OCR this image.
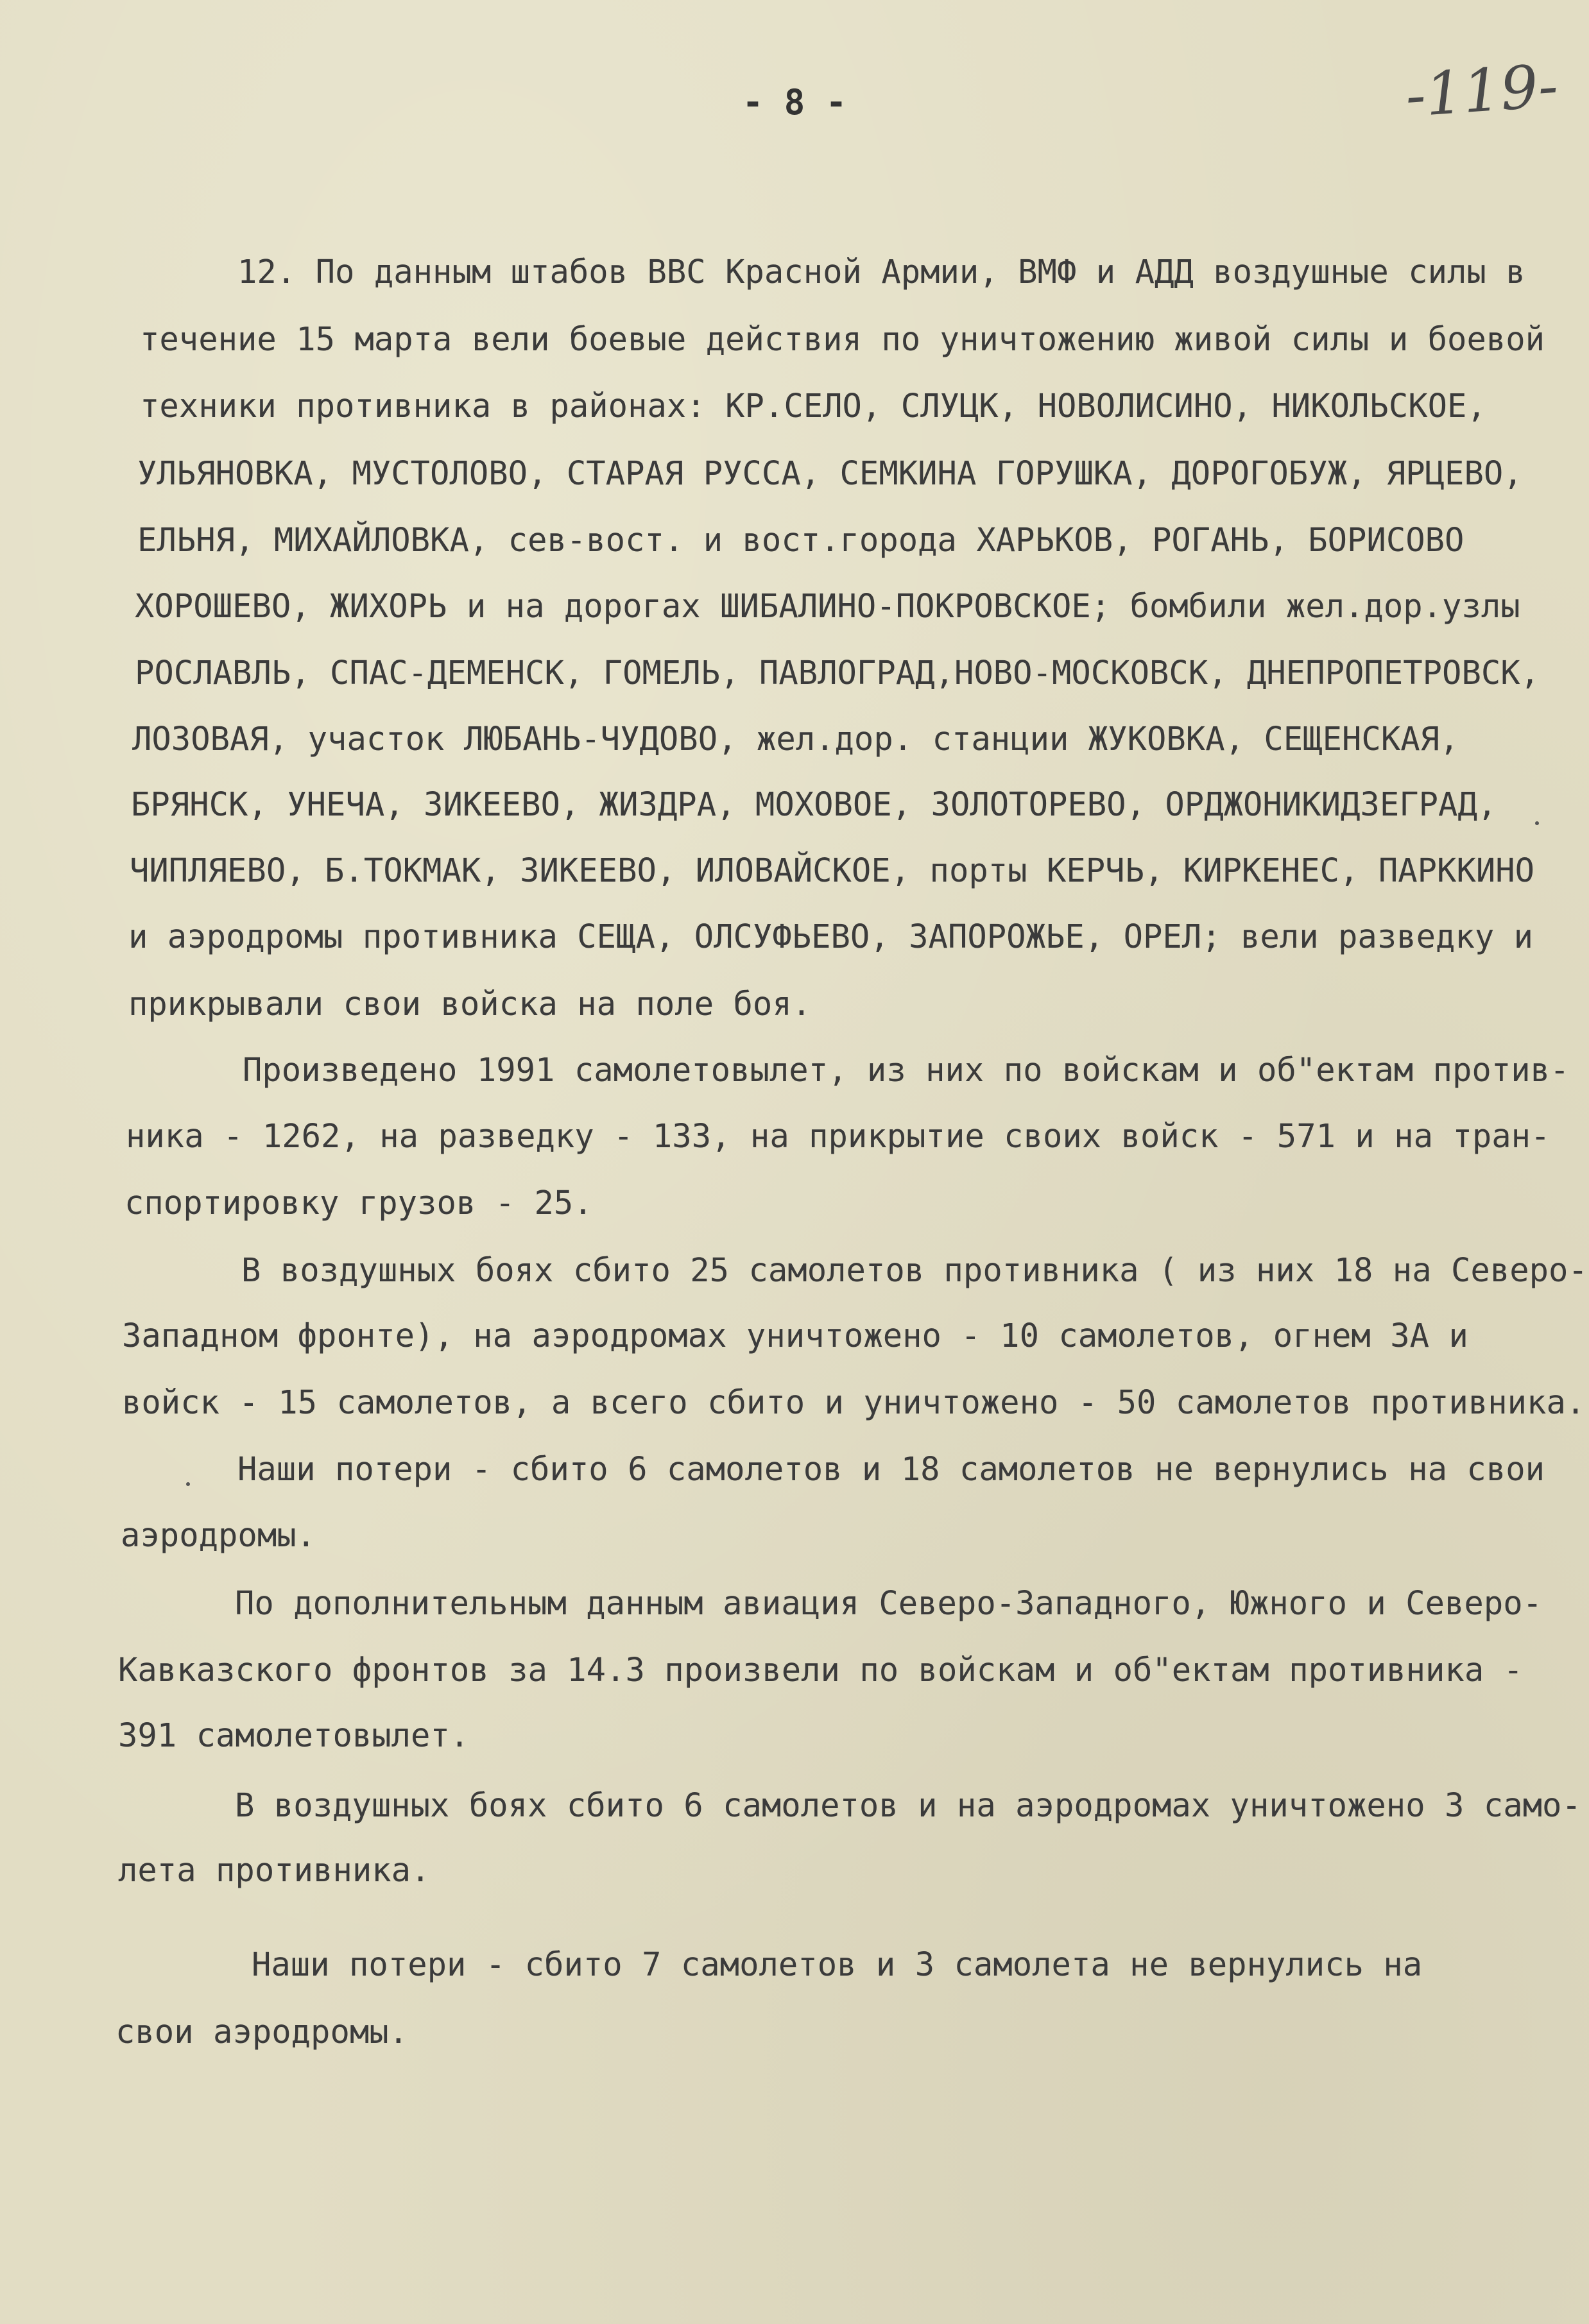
- 8 -	-119-
12. По данным штабов ВВС Красной Армии, ВМФ и АДД воздушные силы в
течение 15 марта вели боевые действия по уничтожению живой силы и боевой
техники противника в районах: КР.СЕЛО, СЛУЦК, НОВОЛИСИНО, НИКОЛЬСКОЕ,
УЛЬЯНОВКА, МУСТОЛОВО, СТАРАЯ РУССА, СЕМКИНА ГОРУШКА, ДОРОГОБУЖ, ЯРЦЕВО,
ЕЛЬНЯ, МИХАЙЛОВКА, сев-вост. и вост.города ХАРЬКОВ, РОГАНЬ, БОРИСОВО
ХОРОШЕВО, ЖИХОРЬ и на дорогах ШИБАЛИНО-ПОКРОВСКОЕ; бомбили жел.дор.узлы
РОСЛАВЛЬ, СПАС-ДЕМЕНСК, ГОМЕЛЬ, ПАВЛОГРАД,НОВО-МОСКОВСК, ДНЕПРОПЕТРОВСК,
ЛОЗОВАЯ, участок ЛЮБАНЬ-ЧУДОВО, жел.дор. станции ЖУКОВКА, СЕЩЕНСКАЯ,
БРЯНСК, УНЕЧА, ЗИКЕЕВО, ЖИЗДРА, МОХОВОЕ, ЗОЛОТОРЕВО, ОРДЖОНИКИДЗЕГРАД,
ЧИПЛЯЕВО, Б.ТОКМАК, ЗИКЕЕВО, ИЛОВАЙСКОЕ, порты КЕРЧЬ, КИРКЕНЕС, ПАРККИНО
и аэродромы противника СЕЩА, ОЛСУФЬЕВО, ЗАПОРОЖЬЕ, ОРЕЛ; вели разведку и
прикрывали свои войска на поле боя.
Произведено 1991 самолетовылет, из них по войскам и об"ектам против-
ника - 1262, на разведку - 133, на прикрытие своих войск - 571 и на тран-
спортировку грузов - 25.
В воздушных боях сбито 25 самолетов противника ( из них 18 на Северо-
Западном фронте), на аэродромах уничтожено - 10 самолетов, огнем ЗА и
войск - 15 самолетов, а всего сбито и уничтожено - 50 самолетов противника.
Наши потери - сбито 6 самолетов и 18 самолетов не вернулись на свои
аэродромы.
По дополнительным данным авиация Северо-Западного, Южного и Северо-
Кавказского фронтов за 14.3 произвели по войскам и об"ектам противника -
391 самолетовылет.
В воздушных боях сбито 6 самолетов и на аэродромах уничтожено 3 само-
лета противника.
Наши потери - сбито 7 самолетов и 3 самолета не вернулись на
свои аэродромы.
